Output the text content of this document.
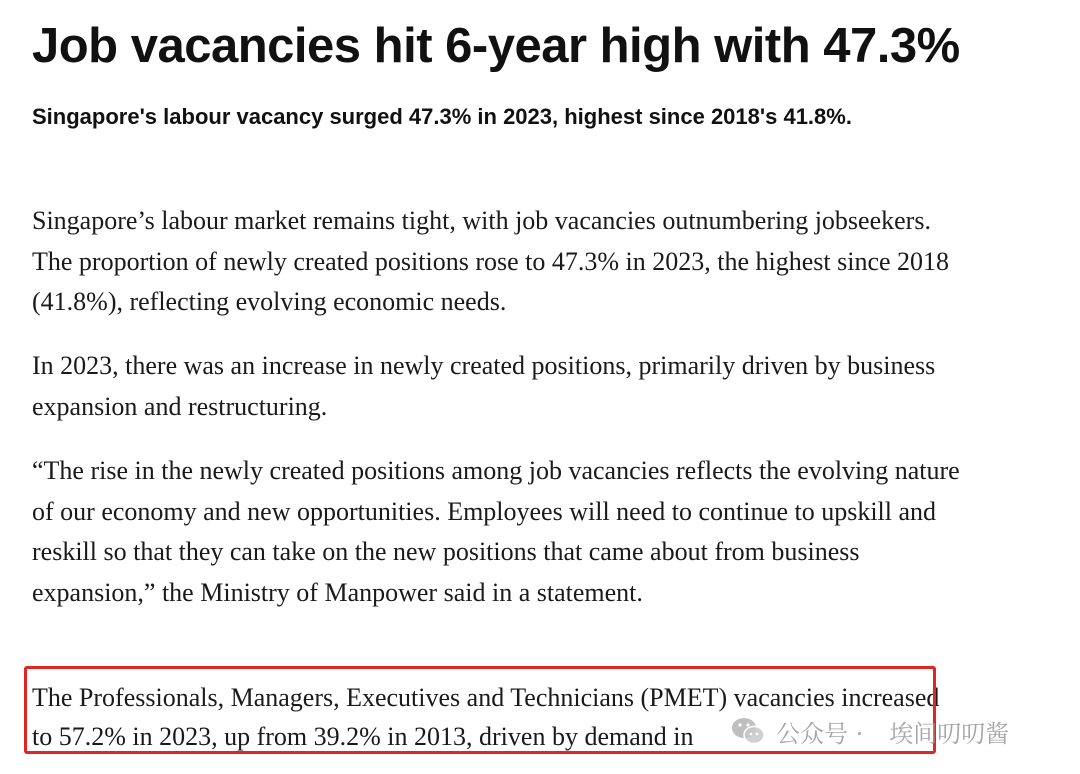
Job vacancies hit 6-year high with 47.3%
Singapore's labour vacancy surged 47.3% in 2023, highest since 2018's 41.8%.

Singapore’s labour market remains tight, with job vacancies outnumbering jobseekers. The proportion of newly created positions rose to 47.3% in 2023, the highest since 2018 (41.8%), reflecting evolving economic needs.

In 2023, there was an increase in newly created positions, primarily driven by business expansion and restructuring.

“The rise in the newly created positions among job vacancies reflects the evolving nature of our economy and new opportunities. Employees will need to continue to upskill and reskill so that they can take on the new positions that came about from business expansion,” the Ministry of Manpower said in a statement.

The Professionals, Managers, Executives and Technicians (PMET) vacancies increased to 57.2% in 2023, up from 39.2% in 2013, driven by demand in	公众号 · 埃间叨叨酱
